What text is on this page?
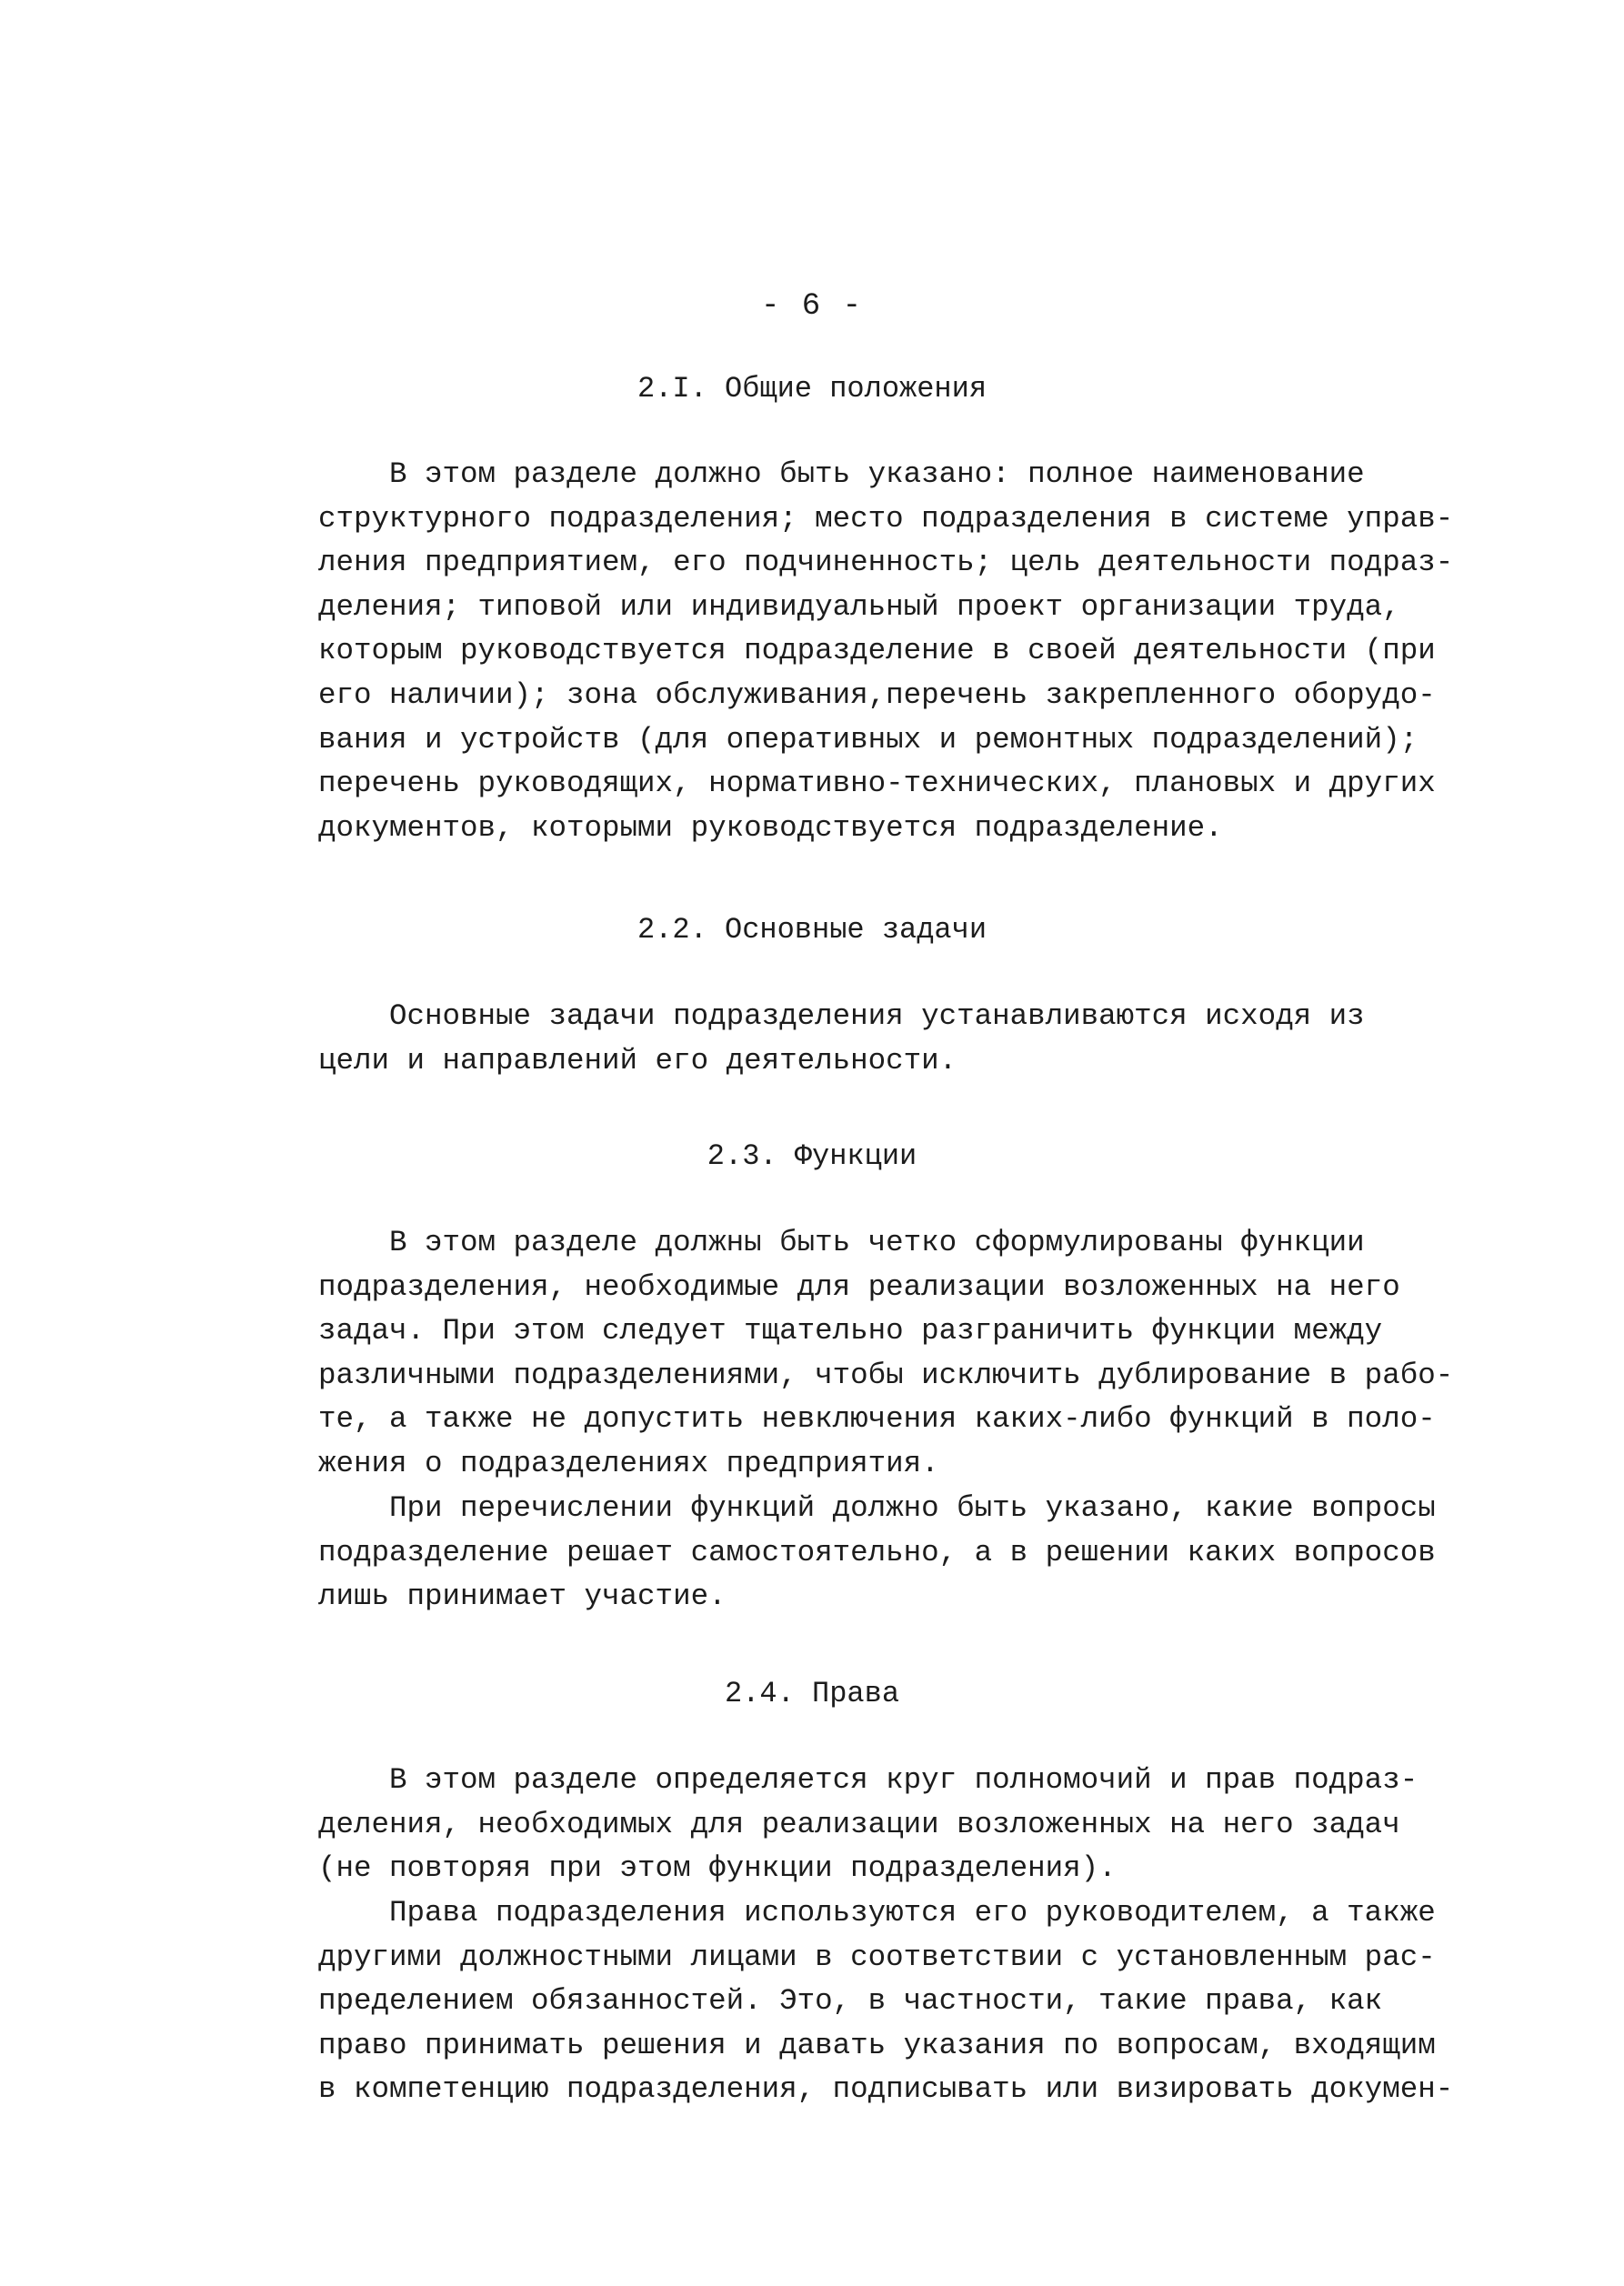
- 6 -
2.I. Общие положения
В этом разделе должно быть указано: полное наименование
структурного подразделения; место подразделения в системе управ-
ления предприятием, его подчиненность; цель деятельности подраз-
деления; типовой или индивидуальный проект организации труда,
которым руководствуется подразделение в своей деятельности (при
его наличии); зона обслуживания,перечень закрепленного оборудо-
вания и устройств (для оперативных и ремонтных подразделений);
перечень руководящих, нормативно-технических, плановых и других
документов, которыми руководствуется подразделение.
2.2. Основные задачи
Основные задачи подразделения устанавливаются исходя из
цели и направлений его деятельности.
2.3. Функции
В этом разделе должны быть четко сформулированы функции
подразделения, необходимые для реализации возложенных на него
задач. При этом следует тщательно разграничить функции между
различными подразделениями, чтобы исключить дублирование в рабо-
те, а также не допустить невключения каких-либо функций в поло-
жения о подразделениях предприятия.
При перечислении функций должно быть указано, какие вопросы
подразделение решает самостоятельно, а в решении каких вопросов
лишь принимает участие.
2.4. Права
В этом разделе определяется круг полномочий и прав подраз-
деления, необходимых для реализации возложенных на него задач
(не повторяя при этом функции подразделения).
Права подразделения используются его руководителем, а также
другими должностными лицами в соответствии с установленным рас-
пределением обязанностей. Это, в частности, такие права, как
право принимать решения и давать указания по вопросам, входящим
в компетенцию подразделения, подписывать или визировать докумен-
